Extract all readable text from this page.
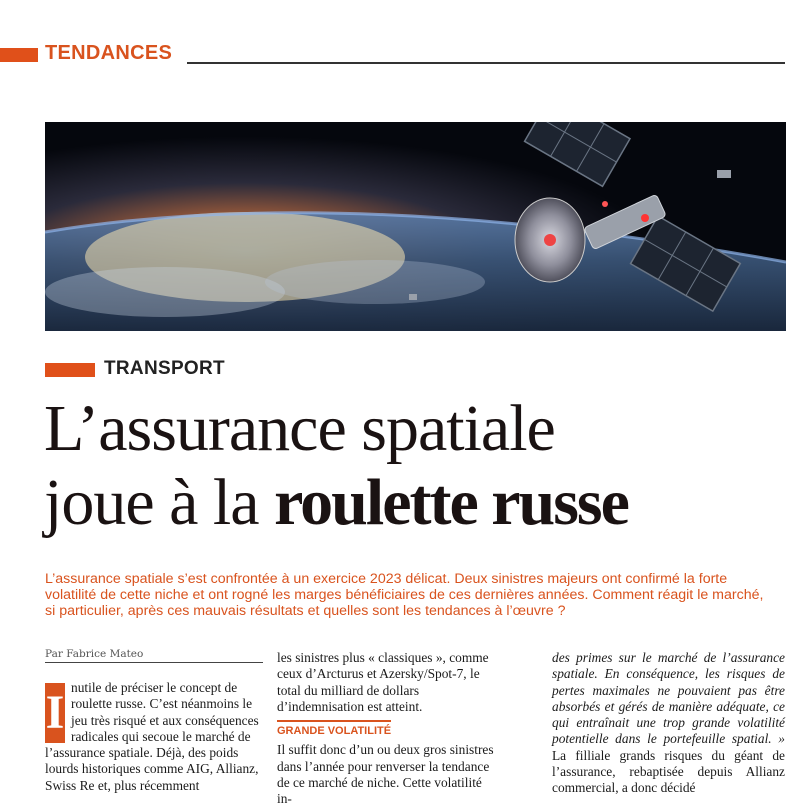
TENDANCES
TRANSPORT
L’assurance spatiale
joue à la roulette russe
L’assurance spatiale s’est confrontée à un exercice 2023 délicat. Deux sinistres majeurs ont confirmé la forte volatilité de cette niche et ont rogné les marges bénéficiaires de ces dernières années. Comment réagit le marché, si particulier, après ces mauvais résultats et quelles sont les tendances à l’œuvre ?
Par Fabrice Mateo
I nutile de préciser le concept de roulette russe. C’est néanmoins le jeu très risqué et aux conséquences radicales qui secoue le marché de l’assurance spatiale. Déjà, des poids lourds historiques comme AIG, Allianz, Swiss Re et, plus récemment
les sinistres plus « classiques », comme ceux d’Arcturus et Azersky/Spot-7, le total du milliard de dollars d’indemnisation est atteint.
GRANDE VOLATILITÉ
Il suffit donc d’un ou deux gros sinistres dans l’année pour renverser la tendance de ce marché de niche. Cette volatilité in-
des primes sur le marché de l’assurance spatiale. En conséquence, les risques de pertes maximales ne pouvaient pas être absorbés et gérés de manière adéquate, ce qui entraînait une trop grande volatilité potentielle dans le portefeuille spatial. » La filliale grands risques du géant de l’assurance, rebaptisée depuis Allianz commercial, a donc décidé
